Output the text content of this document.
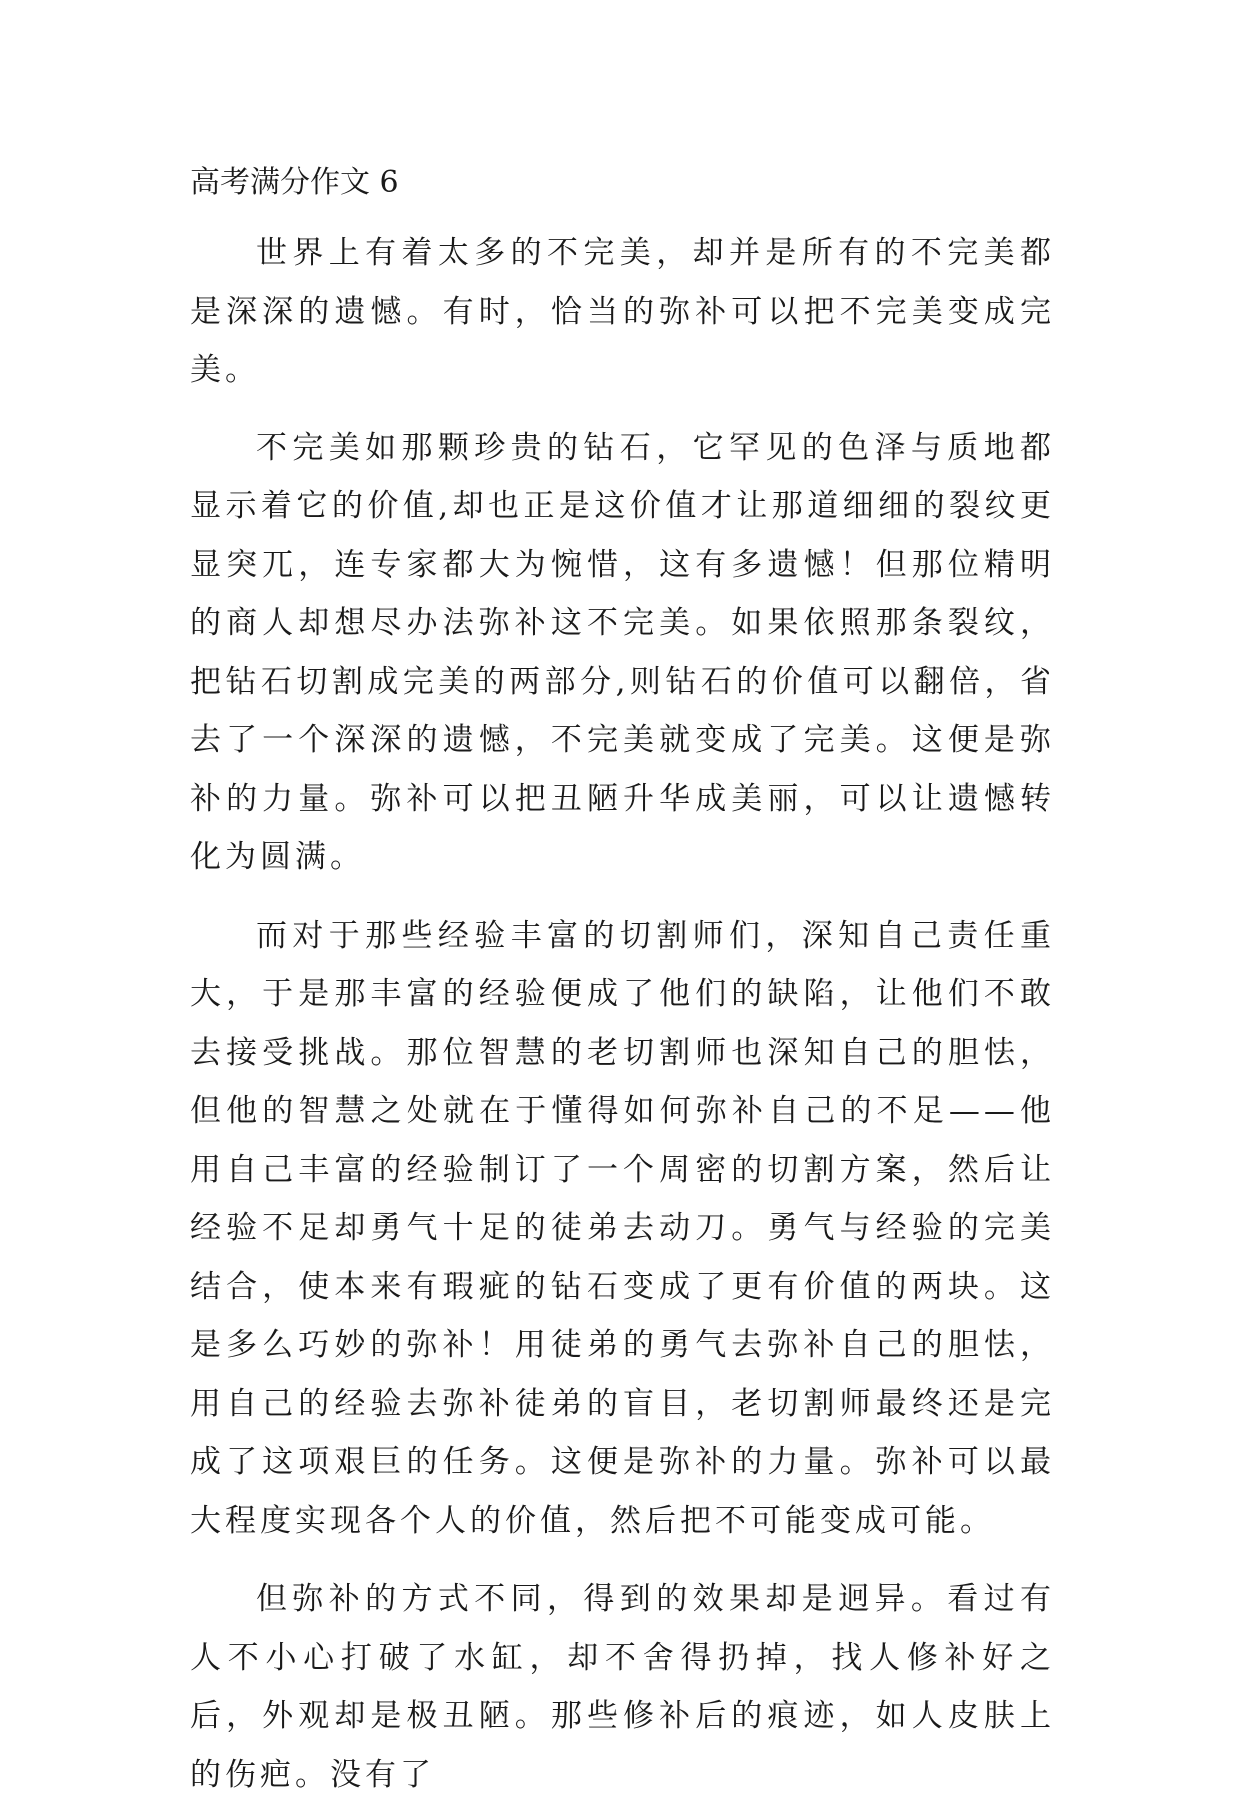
高考满分作文 6

世界上有着太多的不完美，却并是所有的不完美都是深深的遗憾。有时，恰当的弥补可以把不完美变成完美。

不完美如那颗珍贵的钻石，它罕见的色泽与质地都显示着它的价值,却也正是这价值才让那道细细的裂纹更显突兀，连专家都大为惋惜，这有多遗憾！但那位精明的商人却想尽办法弥补这不完美。如果依照那条裂纹，把钻石切割成完美的两部分,则钻石的价值可以翻倍，省去了一个深深的遗憾，不完美就变成了完美。这便是弥补的力量。弥补可以把丑陋升华成美丽，可以让遗憾转化为圆满。

而对于那些经验丰富的切割师们，深知自己责任重大，于是那丰富的经验便成了他们的缺陷，让他们不敢去接受挑战。那位智慧的老切割师也深知自己的胆怯，但他的智慧之处就在于懂得如何弥补自己的不足——他用自己丰富的经验制订了一个周密的切割方案，然后让经验不足却勇气十足的徒弟去动刀。勇气与经验的完美结合，使本来有瑕疵的钻石变成了更有价值的两块。这是多么巧妙的弥补！用徒弟的勇气去弥补自己的胆怯，用自己的经验去弥补徒弟的盲目，老切割师最终还是完成了这项艰巨的任务。这便是弥补的力量。弥补可以最大程度实现各个人的价值，然后把不可能变成可能。

但弥补的方式不同，得到的效果却是迥异。看过有人不小心打破了水缸，却不舍得扔掉，找人修补好之后，外观却是极丑陋。那些修补后的痕迹，如人皮肤上的伤疤。没有了
